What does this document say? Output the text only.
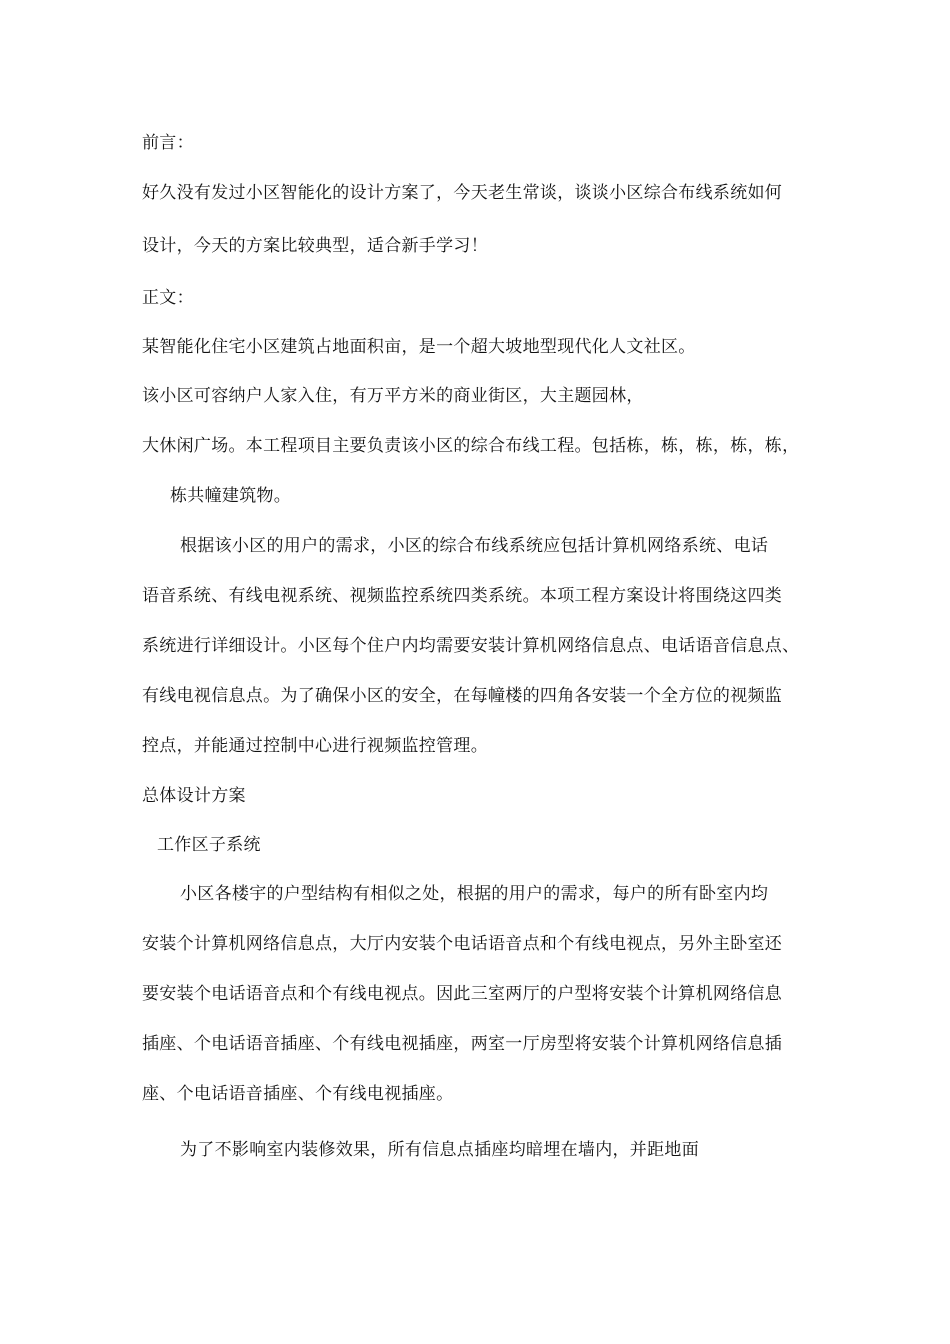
前言：
好久没有发过小区智能化的设计方案了，今天老生常谈，谈谈小区综合布线系统如何
设计，今天的方案比较典型，适合新手学习！
正文：
某智能化住宅小区建筑占地面积亩，是一个超大坡地型现代化人文社区。
该小区可容纳户人家入住，有万平方米的商业街区，大主题园林，
大休闲广场。本工程项目主要负责该小区的综合布线工程。包括栋，栋，栋，栋，栋，
栋共幢建筑物。
根据该小区的用户的需求，小区的综合布线系统应包括计算机网络系统、电话
语音系统、有线电视系统、视频监控系统四类系统。本项工程方案设计将围绕这四类
系统进行详细设计。小区每个住户内均需要安装计算机网络信息点、电话语音信息点、
有线电视信息点。为了确保小区的安全，在每幢楼的四角各安装一个全方位的视频监
控点，并能通过控制中心进行视频监控管理。
总体设计方案
工作区子系统
小区各楼宇的户型结构有相似之处，根据的用户的需求，每户的所有卧室内均
安装个计算机网络信息点，大厅内安装个电话语音点和个有线电视点，另外主卧室还
要安装个电话语音点和个有线电视点。因此三室两厅的户型将安装个计算机网络信息
插座、个电话语音插座、个有线电视插座，两室一厅房型将安装个计算机网络信息插
座、个电话语音插座、个有线电视插座。
为了不影响室内装修效果，所有信息点插座均暗埋在墙内，并距地面
